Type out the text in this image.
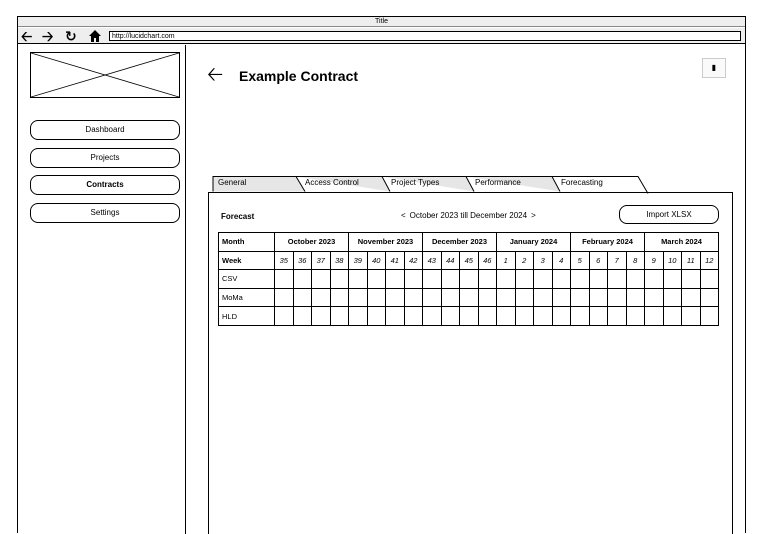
Title
🡠 🡢 ↻	http://lucidchart.com
Dashboard
Projects
Contracts
Settings
🡠 Example Contract
▮
General	Access Control	Project Types	Performance	Forecasting
Forecast	< October 2023 till December 2024 >	Import XLSX
Month	October 2023				November 2023				December 2023				January 2024				February 2024				March 2024			
Week	35	36	37	38	39	40	41	42	43	44	45	46	1	2	3	4	5	6	7	8	9	10	11	12
CSV																								
MoMa																								
HLD																								
